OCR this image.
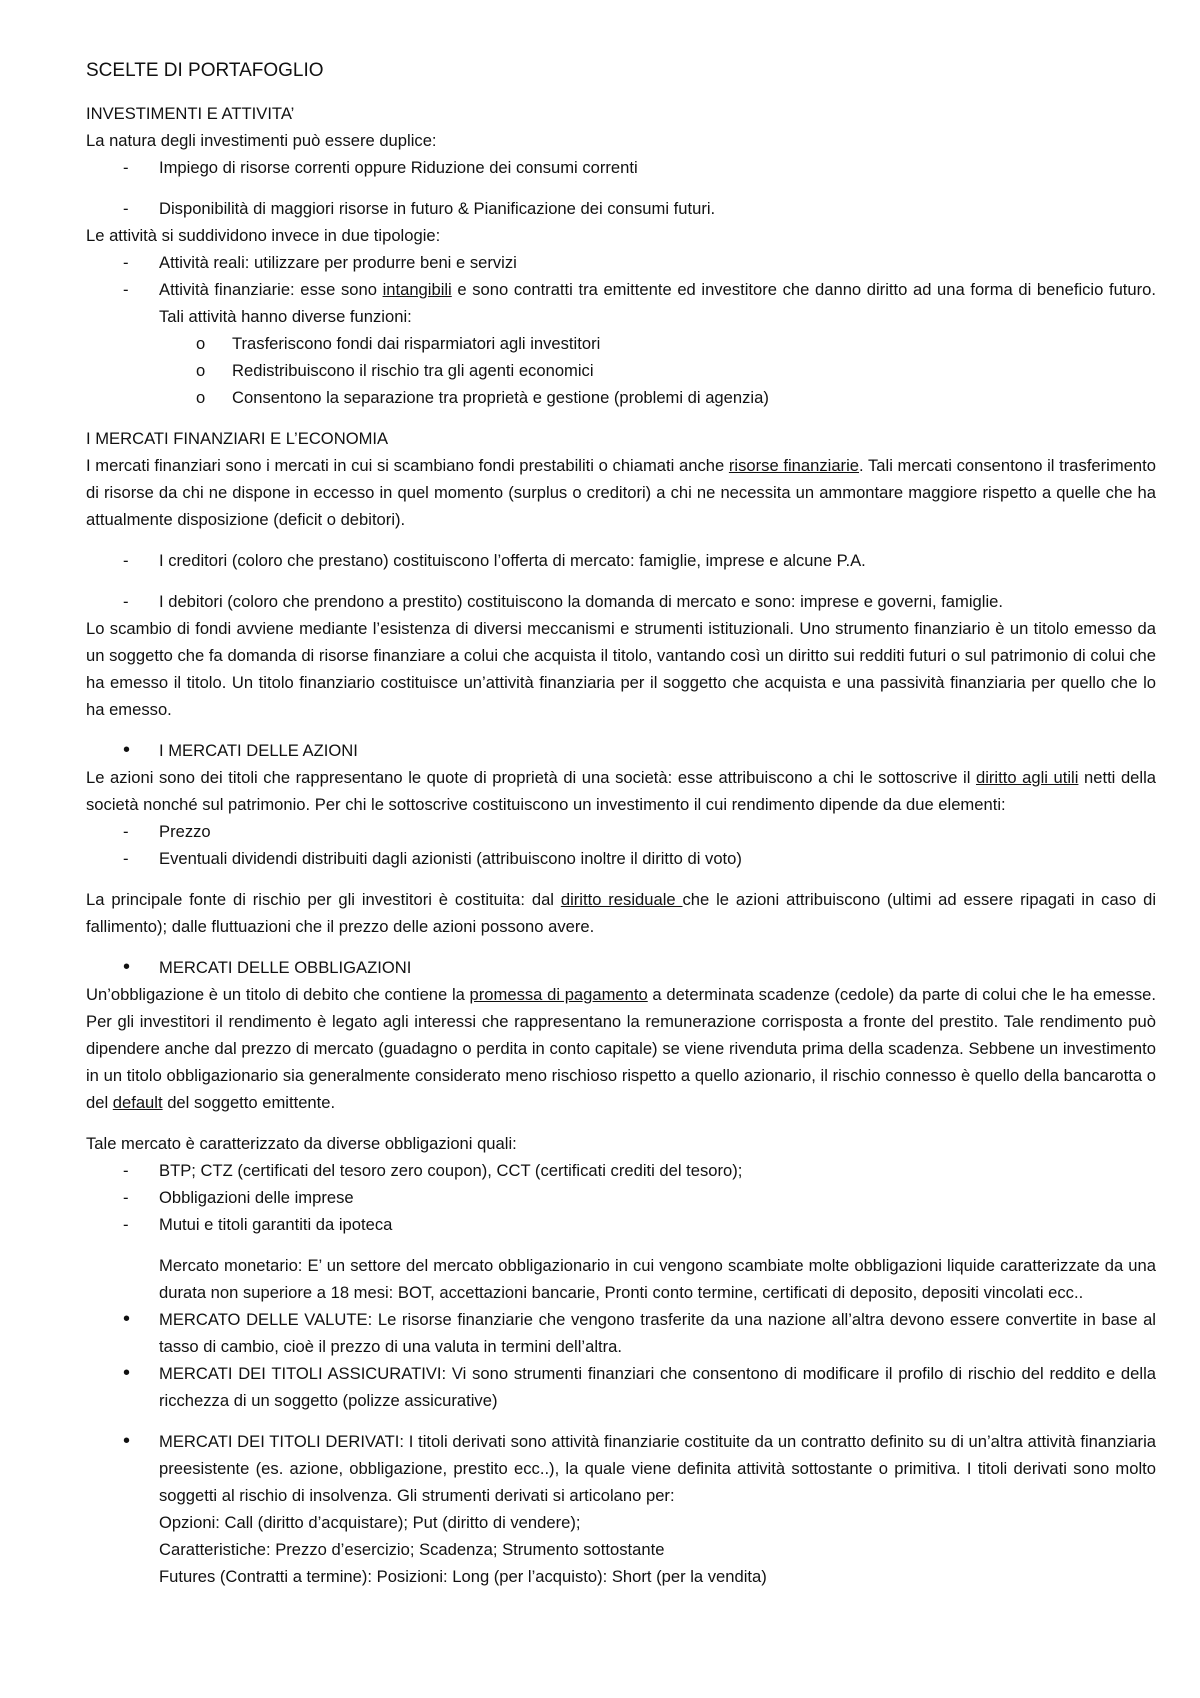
SCELTE DI PORTAFOGLIO
INVESTIMENTI E ATTIVITA’

La natura degli investimenti può essere duplice:

- Impiego di risorse correnti oppure Riduzione dei consumi correnti
- Disponibilità di maggiori risorse in futuro & Pianificazione dei consumi futuri.

Le attività si suddividono invece in due tipologie:

- Attività reali: utilizzare per produrre beni e servizi
- Attività finanziarie: esse sono intangibili e sono contratti tra emittente ed investitore che danno diritto ad una forma di beneficio futuro. Tali attività hanno diverse funzioni:
o Trasferiscono fondi dai risparmiatori agli investitori
o Redistribuiscono il rischio tra gli agenti economici
o Consentono la separazione tra proprietà e gestione (problemi di agenzia)
I MERCATI FINANZIARI E L’ECONOMIA

I mercati finanziari sono i mercati in cui si scambiano fondi prestabiliti o chiamati anche risorse finanziarie. Tali mercati consentono il trasferimento di risorse da chi ne dispone in eccesso in quel momento (surplus o creditori) a chi ne necessita un ammontare maggiore rispetto a quelle che ha attualmente disposizione (deficit o debitori).

- I creditori (coloro che prestano) costituiscono l’offerta di mercato: famiglie, imprese e alcune P.A.
- I debitori (coloro che prendono a prestito) costituiscono la domanda di mercato e sono: imprese e governi, famiglie.

Lo scambio di fondi avviene mediante l’esistenza di diversi meccanismi e strumenti istituzionali. Uno strumento finanziario è un titolo emesso da un soggetto che fa domanda di risorse finanziare a colui che acquista il titolo, vantando così un diritto sui redditi futuri o sul patrimonio di colui che ha emesso il titolo. Un titolo finanziario costituisce un’attività finanziaria per il soggetto che acquista e una passività finanziaria per quello che lo ha emesso.

• I MERCATI DELLE AZIONI

Le azioni sono dei titoli che rappresentano le quote di proprietà di una società: esse attribuiscono a chi le sottoscrive il diritto agli utili netti della società nonché sul patrimonio. Per chi le sottoscrive costituiscono un investimento il cui rendimento dipende da due elementi:

- Prezzo
- Eventuali dividendi distribuiti dagli azionisti (attribuiscono inoltre il diritto di voto)

La principale fonte di rischio per gli investitori è costituita: dal diritto residuale che le azioni attribuiscono (ultimi ad essere ripagati in caso di fallimento); dalle fluttuazioni che il prezzo delle azioni possono avere.

• MERCATI DELLE OBBLIGAZIONI

Un’obbligazione è un titolo di debito che contiene la promessa di pagamento a determinata scadenze (cedole) da parte di colui che le ha emesse. Per gli investitori il rendimento è legato agli interessi che rappresentano la remunerazione corrisposta a fronte del prestito. Tale rendimento può dipendere anche dal prezzo di mercato (guadagno o perdita in conto capitale) se viene rivenduta prima della scadenza. Sebbene un investimento in un titolo obbligazionario sia generalmente considerato meno rischioso rispetto a quello azionario, il rischio connesso è quello della bancarotta o del default del soggetto emittente.

Tale mercato è caratterizzato da diverse obbligazioni quali:

- BTP; CTZ (certificati del tesoro zero coupon), CCT (certificati crediti del tesoro);
- Obbligazioni delle imprese
- Mutui e titoli garantiti da ipoteca

Mercato monetario: E’ un settore del mercato obbligazionario in cui vengono scambiate molte obbligazioni liquide caratterizzate da una durata non superiore a 18 mesi: BOT, accettazioni bancarie, Pronti conto termine, certificati di deposito, depositi vincolati ecc..

• MERCATO DELLE VALUTE: Le risorse finanziarie che vengono trasferite da una nazione all’altra devono essere convertite in base al tasso di cambio, cioè il prezzo di una valuta in termini dell’altra.
• MERCATI DEI TITOLI ASSICURATIVI: Vi sono strumenti finanziari che consentono di modificare il profilo di rischio del reddito e della ricchezza di un soggetto (polizze assicurative)
• MERCATI DEI TITOLI DERIVATI: I titoli derivati sono attività finanziarie costituite da un contratto definito su di un’altra attività finanziaria preesistente (es. azione, obbligazione, prestito ecc..), la quale viene definita attività sottostante o primitiva. I titoli derivati sono molto soggetti al rischio di insolvenza. Gli strumenti derivati si articolano per:
Opzioni: Call (diritto d’acquistare); Put (diritto di vendere);
Caratteristiche: Prezzo d’esercizio; Scadenza; Strumento sottostante
Futures (Contratti a termine): Posizioni: Long (per l’acquisto): Short (per la vendita)
